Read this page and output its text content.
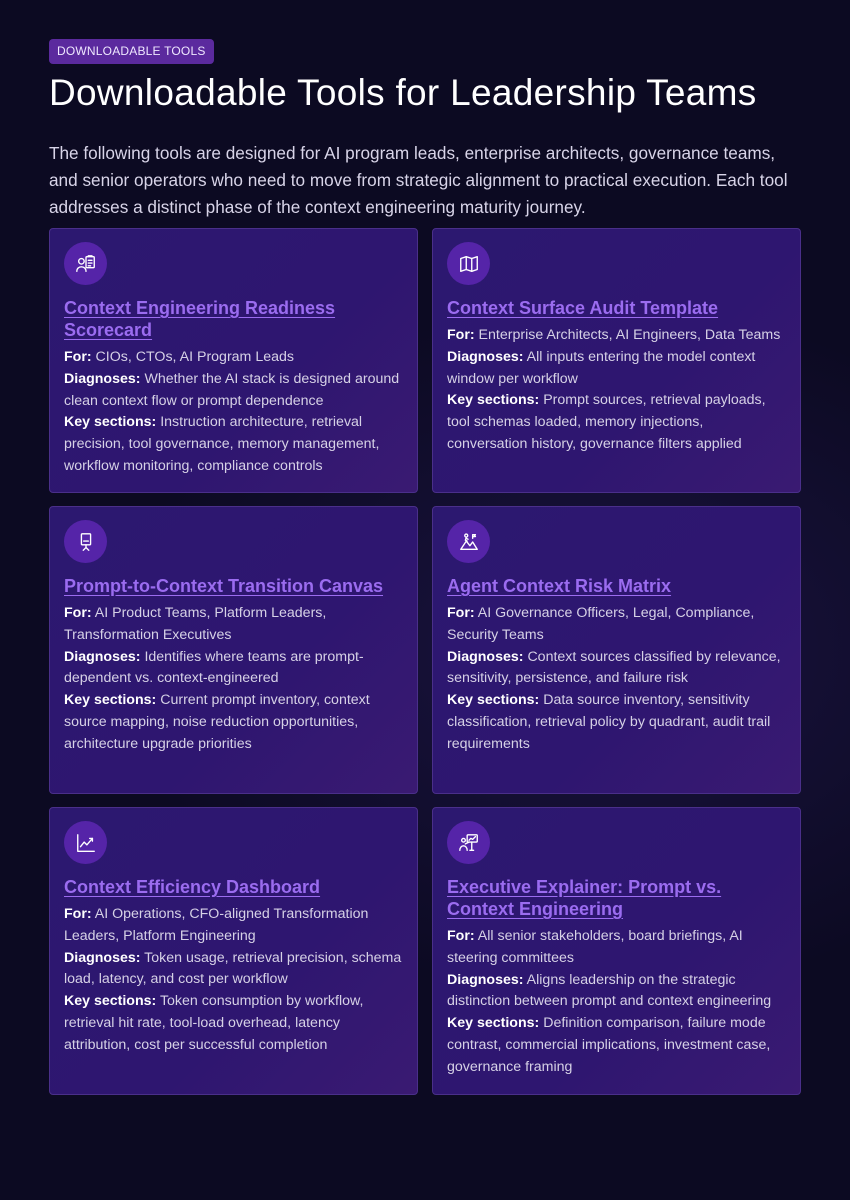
DOWNLOADABLE TOOLS
Downloadable Tools for Leadership Teams

The following tools are designed for AI program leads, enterprise architects, governance teams, and senior operators who need to move from strategic alignment to practical execution. Each tool addresses a distinct phase of the context engineering maturity journey.

Context Engineering Readiness Scorecard
For: CIOs, CTOs, AI Program Leads
Diagnoses: Whether the AI stack is designed around clean context flow or prompt dependence
Key sections: Instruction architecture, retrieval precision, tool governance, memory management, workflow monitoring, compliance controls
Context Surface Audit Template
For: Enterprise Architects, AI Engineers, Data Teams
Diagnoses: All inputs entering the model context window per workflow
Key sections: Prompt sources, retrieval payloads, tool schemas loaded, memory injections, conversation history, governance filters applied
Prompt-to-Context Transition Canvas
For: AI Product Teams, Platform Leaders, Transformation Executives
Diagnoses: Identifies where teams are prompt-dependent vs. context-engineered
Key sections: Current prompt inventory, context source mapping, noise reduction opportunities, architecture upgrade priorities
Agent Context Risk Matrix
For: AI Governance Officers, Legal, Compliance, Security Teams
Diagnoses: Context sources classified by relevance, sensitivity, persistence, and failure risk
Key sections: Data source inventory, sensitivity classification, retrieval policy by quadrant, audit trail requirements
Context Efficiency Dashboard
For: AI Operations, CFO-aligned Transformation Leaders, Platform Engineering
Diagnoses: Token usage, retrieval precision, schema load, latency, and cost per workflow
Key sections: Token consumption by workflow, retrieval hit rate, tool-load overhead, latency attribution, cost per successful completion
Executive Explainer: Prompt vs. Context Engineering
For: All senior stakeholders, board briefings, AI steering committees
Diagnoses: Aligns leadership on the strategic distinction between prompt and context engineering
Key sections: Definition comparison, failure mode contrast, commercial implications, investment case, governance framing
